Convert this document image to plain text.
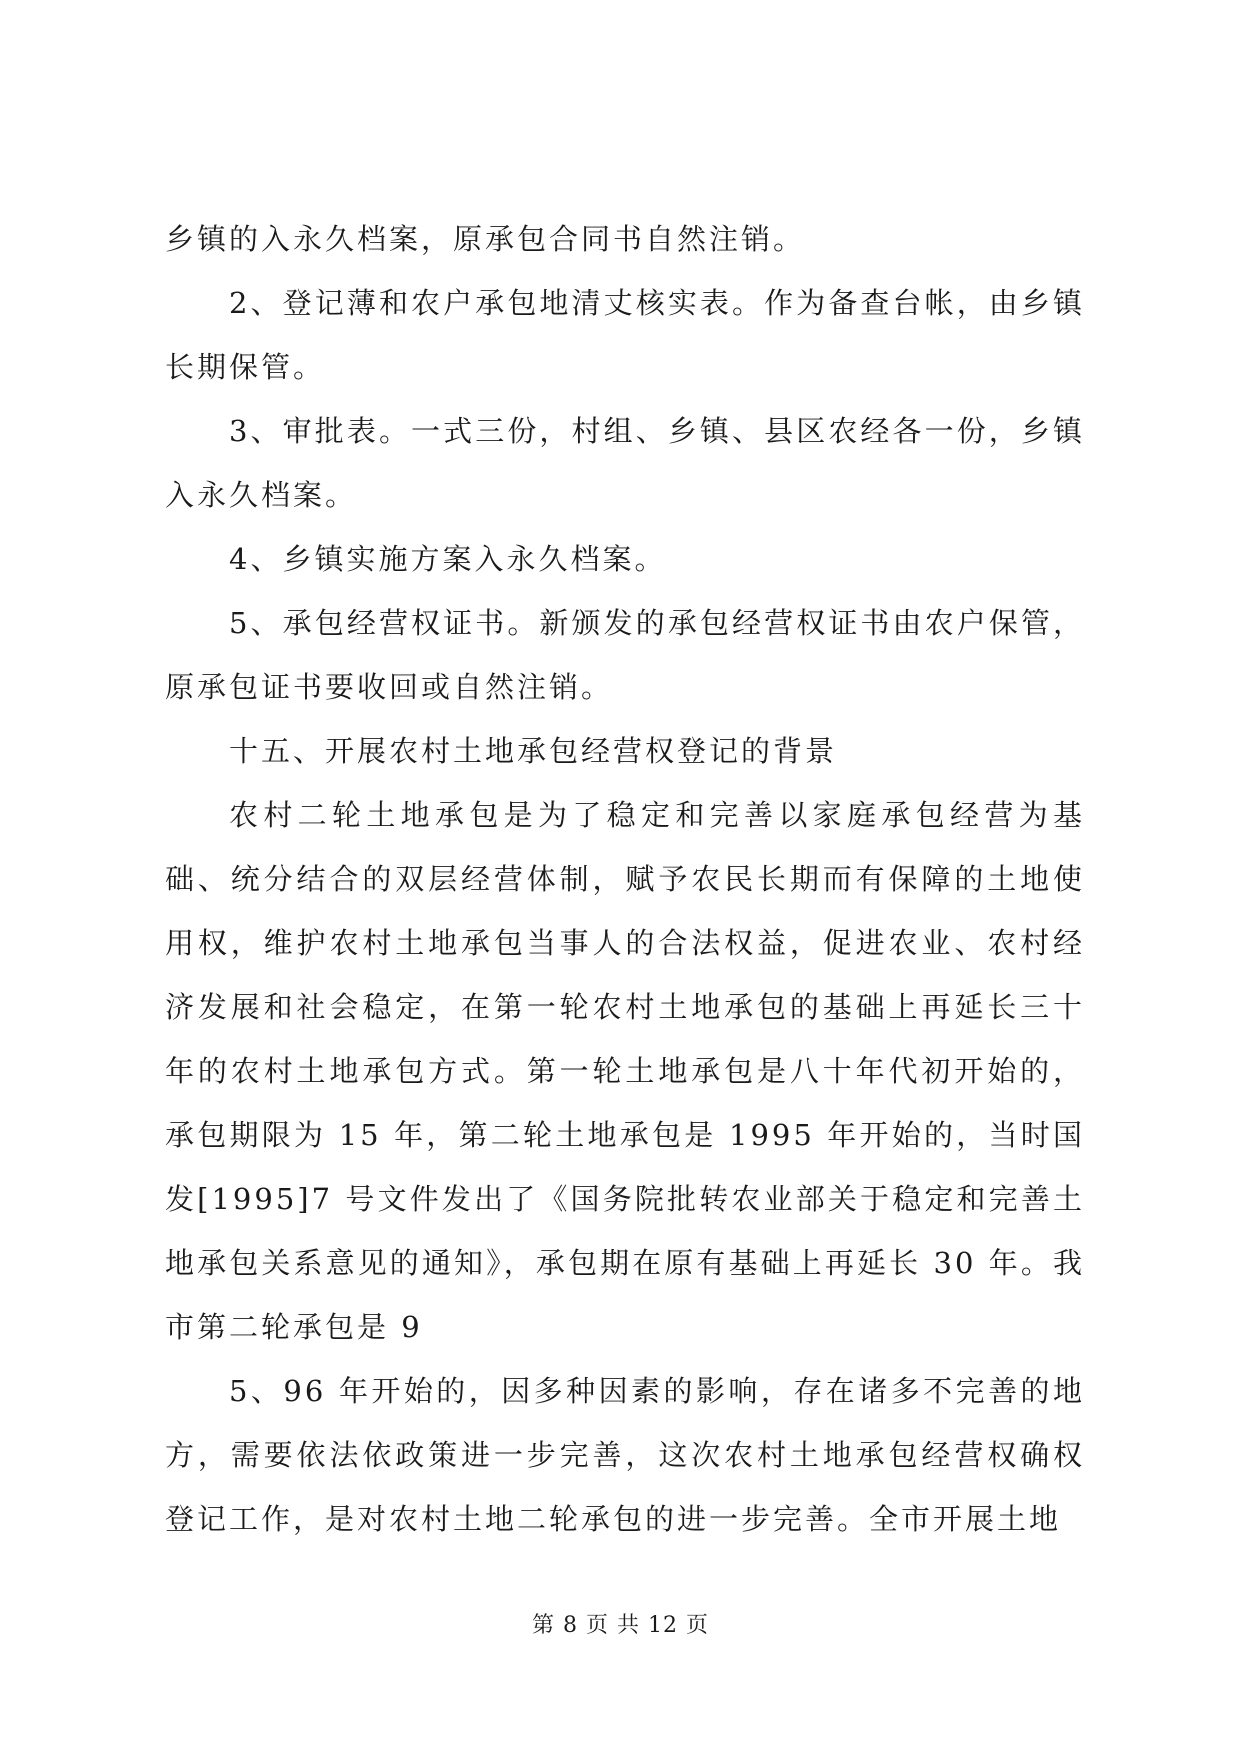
乡镇的入永久档案，原承包合同书自然注销。

2、登记薄和农户承包地清丈核实表。作为备查台帐，由乡镇长期保管。

3、审批表。一式三份，村组、乡镇、县区农经各一份，乡镇入永久档案。

4、乡镇实施方案入永久档案。

5、承包经营权证书。新颁发的承包经营权证书由农户保管，原承包证书要收回或自然注销。

十五、开展农村土地承包经营权登记的背景

农村二轮土地承包是为了稳定和完善以家庭承包经营为基础、统分结合的双层经营体制，赋予农民长期而有保障的土地使用权，维护农村土地承包当事人的合法权益，促进农业、农村经济发展和社会稳定，在第一轮农村土地承包的基础上再延长三十年的农村土地承包方式。第一轮土地承包是八十年代初开始的，承包期限为 15 年，第二轮土地承包是 1995 年开始的，当时国发[1995]7 号文件发出了《国务院批转农业部关于稳定和完善土地承包关系意见的通知》，承包期在原有基础上再延长 30 年。我市第二轮承包是 9

5、96 年开始的，因多种因素的影响，存在诸多不完善的地方，需要依法依政策进一步完善，这次农村土地承包经营权确权登记工作，是对农村土地二轮承包的进一步完善。全市开展土地

第 8 页 共 12 页
